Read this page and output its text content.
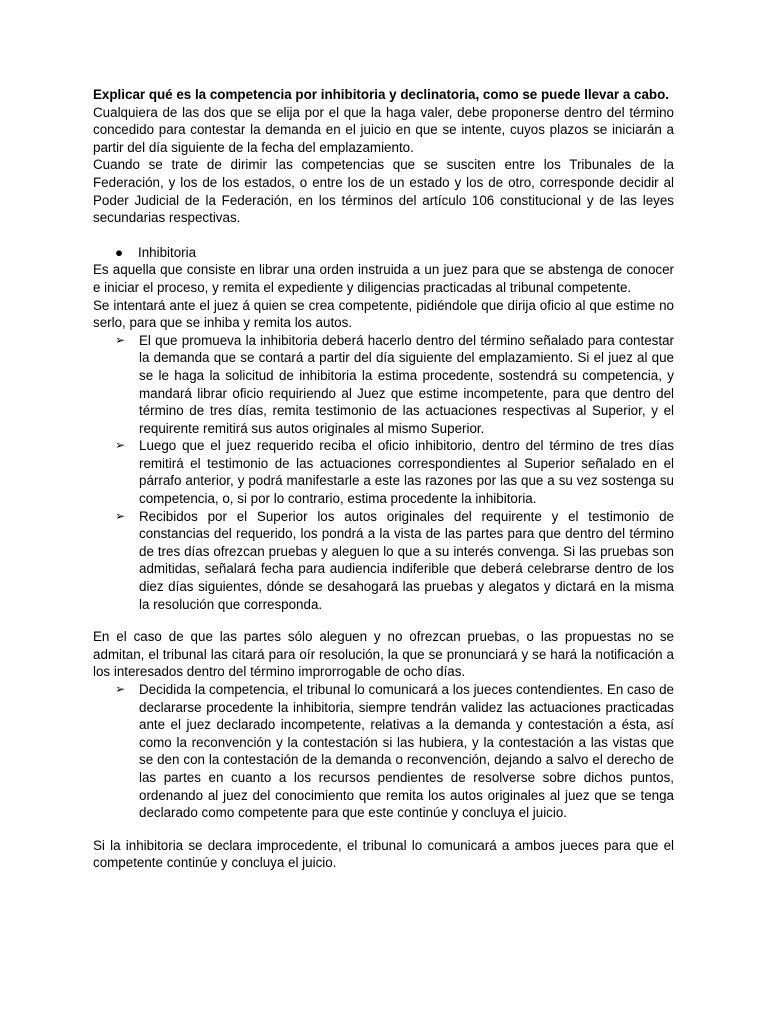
Explicar qué es la competencia por inhibitoria y declinatoria, como se puede llevar a cabo.

Cualquiera de las dos que se elija por el que la haga valer, debe proponerse dentro del término concedido para contestar la demanda en el juicio en que se intente, cuyos plazos se iniciarán a partir del día siguiente de la fecha del emplazamiento.

Cuando se trate de dirimir las competencias que se susciten entre los Tribunales de la Federación, y los de los estados, o entre los de un estado y los de otro, corresponde decidir al Poder Judicial de la Federación, en los términos del artículo 106 constitucional y de las leyes secundarias respectivas.

● Inhibitoria

Es aquella que consiste en librar una orden instruida a un juez para que se abstenga de conocer e iniciar el proceso, y remita el expediente y diligencias practicadas al tribunal competente.

Se intentará ante el juez á quien se crea competente, pidiéndole que dirija oficio al que estime no serlo, para que se inhiba y remita los autos.

➢ El que promueva la inhibitoria deberá hacerlo dentro del término señalado para contestar la demanda que se contará a partir del día siguiente del emplazamiento. Si el juez al que se le haga la solicitud de inhibitoria la estima procedente, sostendrá su competencia, y mandará librar oficio requiriendo al Juez que estime incompetente, para que dentro del término de tres días, remita testimonio de las actuaciones respectivas al Superior, y el requirente remitirá sus autos originales al mismo Superior.
➢ Luego que el juez requerido reciba el oficio inhibitorio, dentro del término de tres días remitirá el testimonio de las actuaciones correspondientes al Superior señalado en el párrafo anterior, y podrá manifestarle a este las razones por las que a su vez sostenga su competencia, o, si por lo contrario, estima procedente la inhibitoria.
➢ Recibidos por el Superior los autos originales del requirente y el testimonio de constancias del requerido, los pondrá a la vista de las partes para que dentro del término de tres días ofrezcan pruebas y aleguen lo que a su interés convenga. Si las pruebas son admitidas, señalará fecha para audiencia indiferible que deberá celebrarse dentro de los diez días siguientes, dónde se desahogará las pruebas y alegatos y dictará en la misma la resolución que corresponda.

En el caso de que las partes sólo aleguen y no ofrezcan pruebas, o las propuestas no se admitan, el tribunal las citará para oír resolución, la que se pronunciará y se hará la notificación a los interesados dentro del término improrrogable de ocho días.

➢ Decidida la competencia, el tribunal lo comunicará a los jueces contendientes. En caso de declararse procedente la inhibitoria, siempre tendrán validez las actuaciones practicadas ante el juez declarado incompetente, relativas a la demanda y contestación a ésta, así como la reconvención y la contestación si las hubiera, y la contestación a las vistas que se den con la contestación de la demanda o reconvención, dejando a salvo el derecho de las partes en cuanto a los recursos pendientes de resolverse sobre dichos puntos, ordenando al juez del conocimiento que remita los autos originales al juez que se tenga declarado como competente para que este continúe y concluya el juicio.

Si la inhibitoria se declara improcedente, el tribunal lo comunicará a ambos jueces para que el competente continúe y concluya el juicio.
